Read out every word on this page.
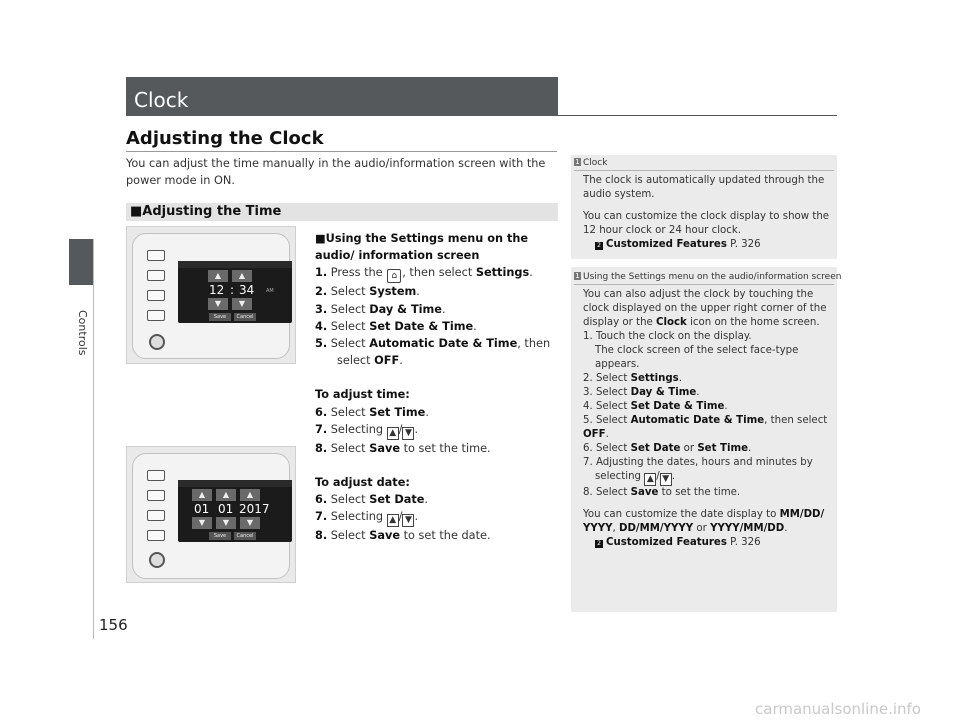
Controls
Clock
Adjusting the Clock
You can adjust the time manually in the audio/information screen with the power mode in ON.
■Adjusting the Time
■Using the Settings menu on the audio/ information screen
1. Press the ⌂ , then select Settings.
2. Select System.
3. Select Day & Time.
4. Select Set Date & Time.
5. Select Automatic Date & Time, then
select OFF.
To adjust time:
6. Select Set Time.
7. Selecting ▲ / ▼ .
8. Select Save to set the time.
To adjust date:
6. Select Set Date.
7. Selecting ▲ / ▼ .
8. Select Save to set the date.
▲	▲
12 : 34 AM
▼	▼
Save	Cancel
▲	▲	▲
01 01 2017
▼	▼	▼
Save	Cancel
1 Clock
The clock is automatically updated through the audio system.
You can customize the clock display to show the 12 hour clock or 24 hour clock.
2 Customized Features P. 326
1 Using the Settings menu on the audio/information screen
You can also adjust the clock by touching the clock displayed on the upper right corner of the display or the Clock icon on the home screen.
1. Touch the clock on the display.
The clock screen of the select face-type appears.
2. Select Settings.
3. Select Day & Time.
4. Select Set Date & Time.
5. Select Automatic Date & Time, then select OFF.
6. Select Set Date or Set Time.
7. Adjusting the dates, hours and minutes by
selecting ▲ / ▼ .
8. Select Save to set the time.
You can customize the date display to MM/DD/ YYYY, DD/MM/YYYY or YYYY/MM/DD.
2 Customized Features P. 326
156
carmanualsonline.info
